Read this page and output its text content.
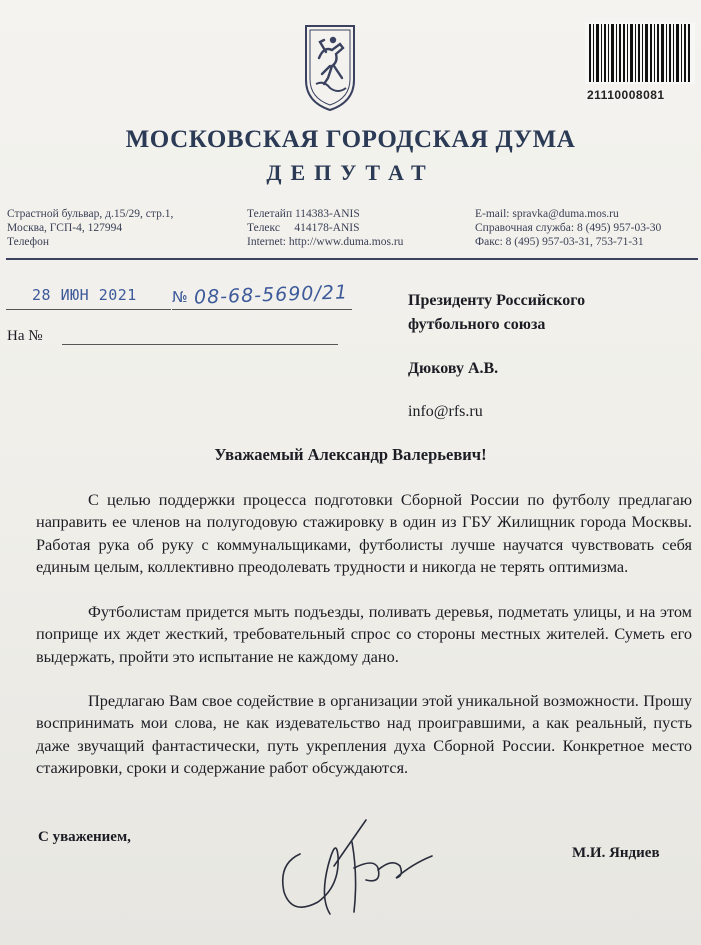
21110008081
МОСКОВСКАЯ ГОРОДСКАЯ ДУМА
ДЕПУТАТ
Страстной бульвар, д.15/29, стр.1,
Москва, ГСП-4, 127994
Телефон
Телетайп 114383-ANIS
Телекс     414178-ANIS
Internet: http://www.duma.mos.ru
E-mail: spravka@duma.mos.ru
Справочная служба: 8 (495) 957-03-30
Факс: 8 (495) 957-03-31, 753-71-31
28 ИЮН 2021 № 08-68-5690/21
На №
Президенту Российского
футбольного союза
Дюкову А.В.
info@rfs.ru
Уважаемый Александр Валерьевич!

С целью поддержки процесса подготовки Сборной России по футболу предлагаю направить ее членов на полугодовую стажировку в один из ГБУ Жилищник города Москвы. Работая рука об руку с коммунальщиками, футболисты лучше научатся чувствовать себя единым целым, коллективно преодолевать трудности и никогда не терять оптимизма.

Футболистам придется мыть подъезды, поливать деревья, подметать улицы, и на этом поприще их ждет жесткий, требовательный спрос со стороны местных жителей. Суметь его выдержать, пройти это испытание не каждому дано.

Предлагаю Вам свое содействие в организации этой уникальной возможности. Прошу воспринимать мои слова, не как издевательство над проигравшими, а как реальный, пусть даже звучащий фантастически, путь укрепления духа Сборной России. Конкретное место стажировки, сроки и содержание работ обсуждаются.

С уважением,
М.И. Яндиев
